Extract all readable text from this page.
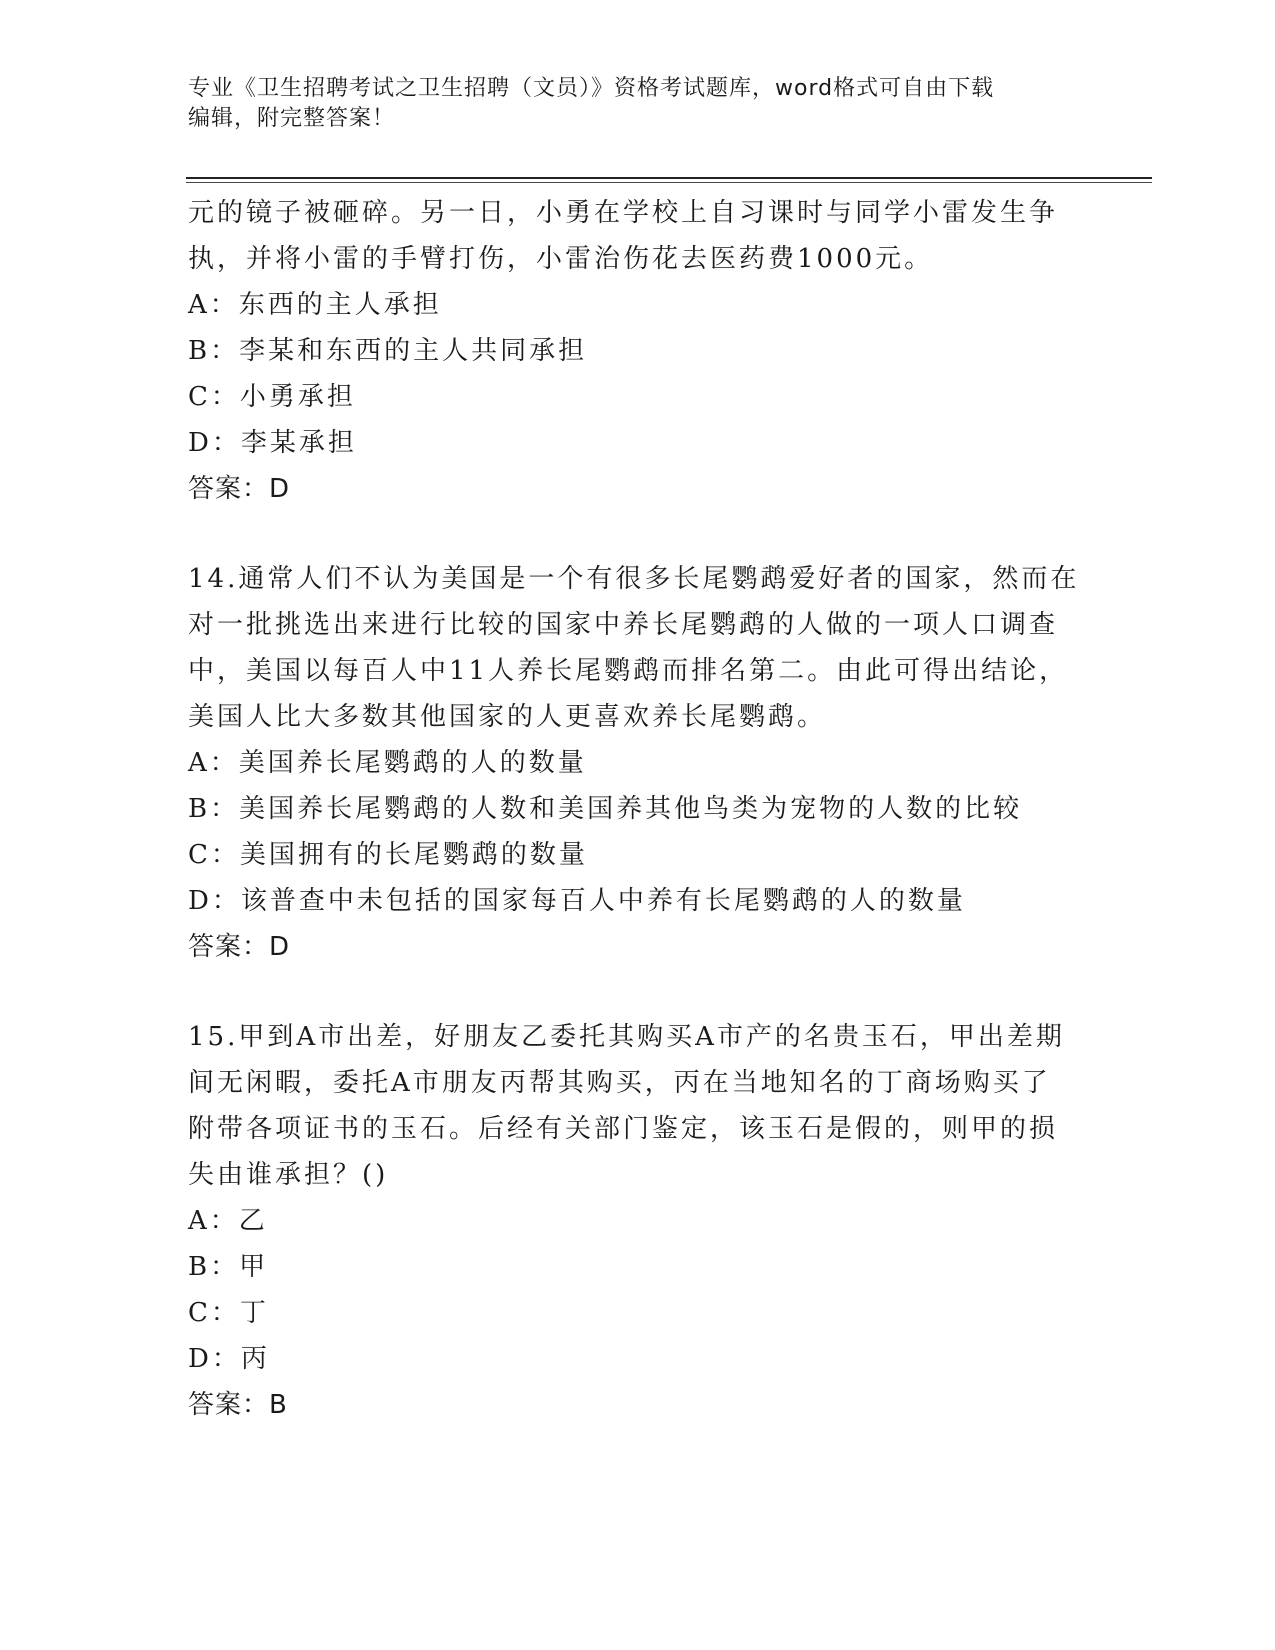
专业《卫生招聘考试之卫生招聘（文员）》资格考试题库，word格式可自由下载
编辑，附完整答案！

元的镜子被砸碎。另一日，小勇在学校上自习课时与同学小雷发生争

执，并将小雷的手臂打伤，小雷治伤花去医药费1000元。

A：东西的主人承担

B：李某和东西的主人共同承担

C：小勇承担

D：李某承担

答案：D

14.通常人们不认为美国是一个有很多长尾鹦鹉爱好者的国家，然而在

对一批挑选出来进行比较的国家中养长尾鹦鹉的人做的一项人口调查

中，美国以每百人中11人养长尾鹦鹉而排名第二。由此可得出结论，

美国人比大多数其他国家的人更喜欢养长尾鹦鹉。

A：美国养长尾鹦鹉的人的数量

B：美国养长尾鹦鹉的人数和美国养其他鸟类为宠物的人数的比较

C：美国拥有的长尾鹦鹉的数量

D：该普查中未包括的国家每百人中养有长尾鹦鹉的人的数量

答案：D

15.甲到A市出差，好朋友乙委托其购买A市产的名贵玉石，甲出差期

间无闲暇，委托A市朋友丙帮其购买，丙在当地知名的丁商场购买了

附带各项证书的玉石。后经有关部门鉴定，该玉石是假的，则甲的损

失由谁承担？()

A：乙

B：甲

C：丁

D：丙

答案：B
